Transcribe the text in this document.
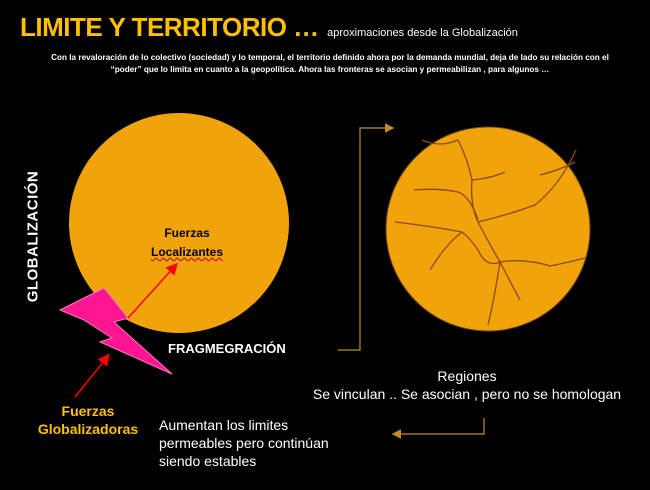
LIMITE Y TERRITORIO … aproximaciones desde la Globalización
Con la revaloración de lo colectivo (sociedad) y lo temporal, el territorio definido ahora por la demanda mundial, deja de lado su relación con el “poder” que lo limita en cuanto a la geopolítica. Ahora las fronteras se asocian y permeabilizan , para algunos …
GLOBALIZACIÓN	Fuerzas
Localizantes
FRAGMEGRACIÓN
Fuerzas
Globalizadoras
Regiones
Se vinculan .. Se asocian , pero no se homologan
Aumentan los limites
permeables pero continúan
siendo estables
